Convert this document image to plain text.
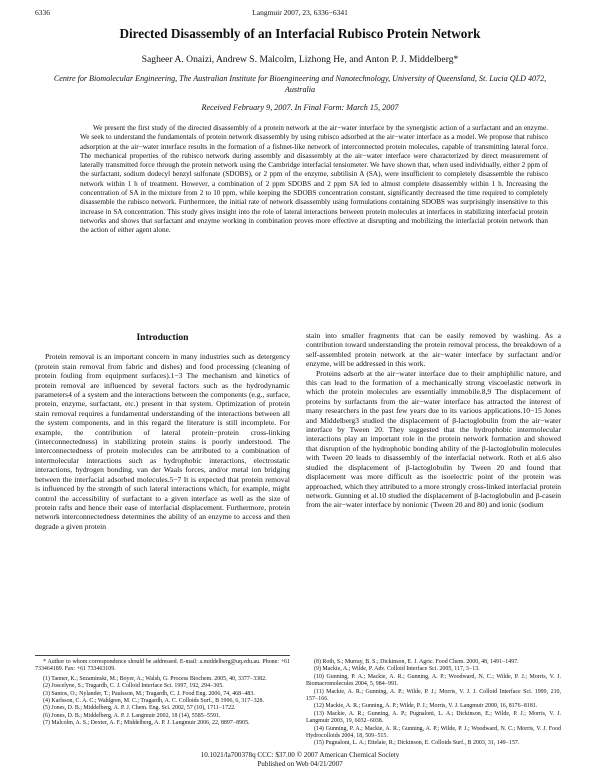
6336	Langmuir 2007, 23, 6336−6341
Directed Disassembly of an Interfacial Rubisco Protein Network
Sagheer A. Onaizi, Andrew S. Malcolm, Lizhong He, and Anton P. J. Middelberg*
Centre for Biomolecular Engineering, The Australian Institute for Bioengineering and Nanotechnology, University of Queensland, St. Lucia QLD 4072, Australia
Received February 9, 2007. In Final Form: March 15, 2007
We present the first study of the directed disassembly of a protein network at the air−water interface by the synergistic action of a surfactant and an enzyme. We seek to understand the fundamentals of protein network disassembly by using rubisco adsorbed at the air−water interface as a model. We propose that rubisco adsorption at the air−water interface results in the formation of a fishnet-like network of interconnected protein molecules, capable of transmitting lateral force. The mechanical properties of the rubisco network during assembly and disassembly at the air−water interface were characterized by direct measurement of laterally transmitted force through the protein network using the Cambridge interfacial tensiometer. We have shown that, when used individually, either 2 ppm of the surfactant, sodium dodecyl benzyl sulfonate (SDOBS), or 2 ppm of the enzyme, subtilisin A (SA), were insufficient to completely disassemble the rubisco network within 1 h of treatment. However, a combination of 2 ppm SDOBS and 2 ppm SA led to almost complete disassembly within 1 h. Increasing the concentration of SA in the mixture from 2 to 10 ppm, while keeping the SDOBS concentration constant, significantly decreased the time required to completely disassemble the rubisco network. Furthermore, the initial rate of network disassembly using formulations containing SDOBS was surprisingly insensitive to this increase in SA concentration. This study gives insight into the role of lateral interactions between protein molecules at interfaces in stabilizing interfacial protein networks and shows that surfactant and enzyme working in combination proves more effective at disrupting and mobilizing the interfacial protein network than the action of either agent alone.
Introduction

Protein removal is an important concern in many industries such as detergency (protein stain removal from fabric and dishes) and food processing (cleaning of protein fouling from equipment surfaces).1−3 The mechanism and kinetics of protein removal are influenced by several factors such as the hydrodynamic parameters4 of a system and the interactions between the components (e.g., surface, protein, enzyme, surfactant, etc.) present in that system. Optimization of protein stain removal requires a fundamental understanding of the interactions between all the system components, and in this regard the literature is still incomplete. For example, the contribution of lateral protein−protein cross-linking (interconnectedness) in stabilizing protein stains is poorly understood. The interconnectedness of protein molecules can be attributed to a combination of intermolecular interactions such as hydrophobic interactions, electrostatic interactions, hydrogen bonding, van der Waals forces, and/or metal ion bridging between the interfacial adsorbed molecules.5−7 It is expected that protein removal is influenced by the strength of such lateral interactions which, for example, might control the accessibility of surfactant to a given interface as well as the size of protein rafts and hence their ease of interfacial displacement. Furthermore, protein network interconnectedness determines the ability of an enzyme to access and then degrade a given protein

stain into smaller fragments that can be easily removed by washing. As a contribution toward understanding the protein removal process, the breakdown of a self-assembled protein network at the air−water interface by surfactant and/or enzyme, will be addressed in this work.

Proteins adsorb at the air−water interface due to their amphiphilic nature, and this can lead to the formation of a mechanically strong viscoelastic network in which the protein molecules are essentially immobile.8,9 The displacement of proteins by surfactants from the air−water interface has attracted the interest of many researchers in the past few years due to its various applications.10−15 Jones and Middelberg3 studied the displacement of β-lactoglobulin from the air−water interface by Tween 20. They suggested that the hydrophobic intermolecular interactions play an important role in the protein network formation and showed that disruption of the hydrophobic bonding ability of the β-lactoglobulin molecules with Tween 20 leads to disassembly of the interfacial network. Roth et al.6 also studied the displacement of β-lactoglobulin by Tween 20 and found that displacement was more difficult as the isoelectric point of the protein was approached, which they attributed to a more strongly cross-linked interfacial protein network. Gunning et al.10 studied the displacement of β-lactoglobulin and β-casein from the air−water interface by nonionic (Tween 20 and 80) and ionic (sodium

* Author to whom correspondence should be addressed. E-mail: a.middelberg@uq.edu.au. Phone: +61 733464189. Fax: +61 733463109.
(1) Tanner, K.; Sezaminski, M.; Boyer, A.; Walsh, G. Process Biochem. 2005, 40, 3377−3382.
(2) Joscelyne, S.; Tragardh, C. J. Colloid Interface Sci. 1997, 192, 294−305.
(3) Santos, O.; Nylander, T.; Paulsson, M.; Tragardh, C. J. Food Eng. 2006, 74, 468−483.
(4) Karlsson, C. A. C.; Wahlgren, M. C.; Tragardh, A. C. Colloids Surf., B 1996, 6, 317−328.
(5) Jones, D. B.; Middelberg, A. P. J. Chem. Eng. Sci. 2002, 57 (10), 1711−1722.
(6) Jones, D. B.; Middelberg, A. P. J. Langmuir 2002, 18 (14), 5585−5591.
(7) Malcolm, A. S.; Dexter, A. F.; Middelberg, A. P. J. Langmuir 2006, 22, 8897−8905.
(8) Roth, S.; Murray, B. S.; Dickinson, E. J. Agric. Food Chem. 2000, 48, 1491−1497.
(9) Mackie, A.; Wilde, P. Adv. Colloid Interface Sci. 2005, 117, 3−13.
(10) Gunning, P. A.; Mackie, A. R.; Gunning, A. P.; Woodward, N. C.; Wilde, P. J.; Morris, V. J. Biomacromolecules 2004, 5, 984−991.
(11) Mackie, A. R.; Gunning, A. P.; Wilde, P. J.; Morris, V. J. J. Colloid Interface Sci. 1999, 210, 157−166.
(12) Mackie, A. R.; Gunning, A. P.; Wilde, P. J.; Morris, V. J. Langmuir 2000, 16, 8176−8181.
(13) Mackie, A. R.; Gunning, A. P.; Pugnaloni, L. A.; Dickinson, E.; Wilde, P. J.; Morris, V. J. Langmuir 2003, 19, 6032−6038.
(14) Gunning, P. A.; Mackie, A. R.; Gunning, A. P.; Wilde, P. J.; Woodward, N. C.; Morris, V. J. Food Hydrocolloids 2004, 18, 509−515.
(15) Pugnaloni, L. A.; Ettelaie, R.; Dickinson, E. Colloids Surf., B 2003, 31, 149−157.
10.1021/la700378q CCC: $37.00 © 2007 American Chemical Society
Published on Web 04/21/2007
